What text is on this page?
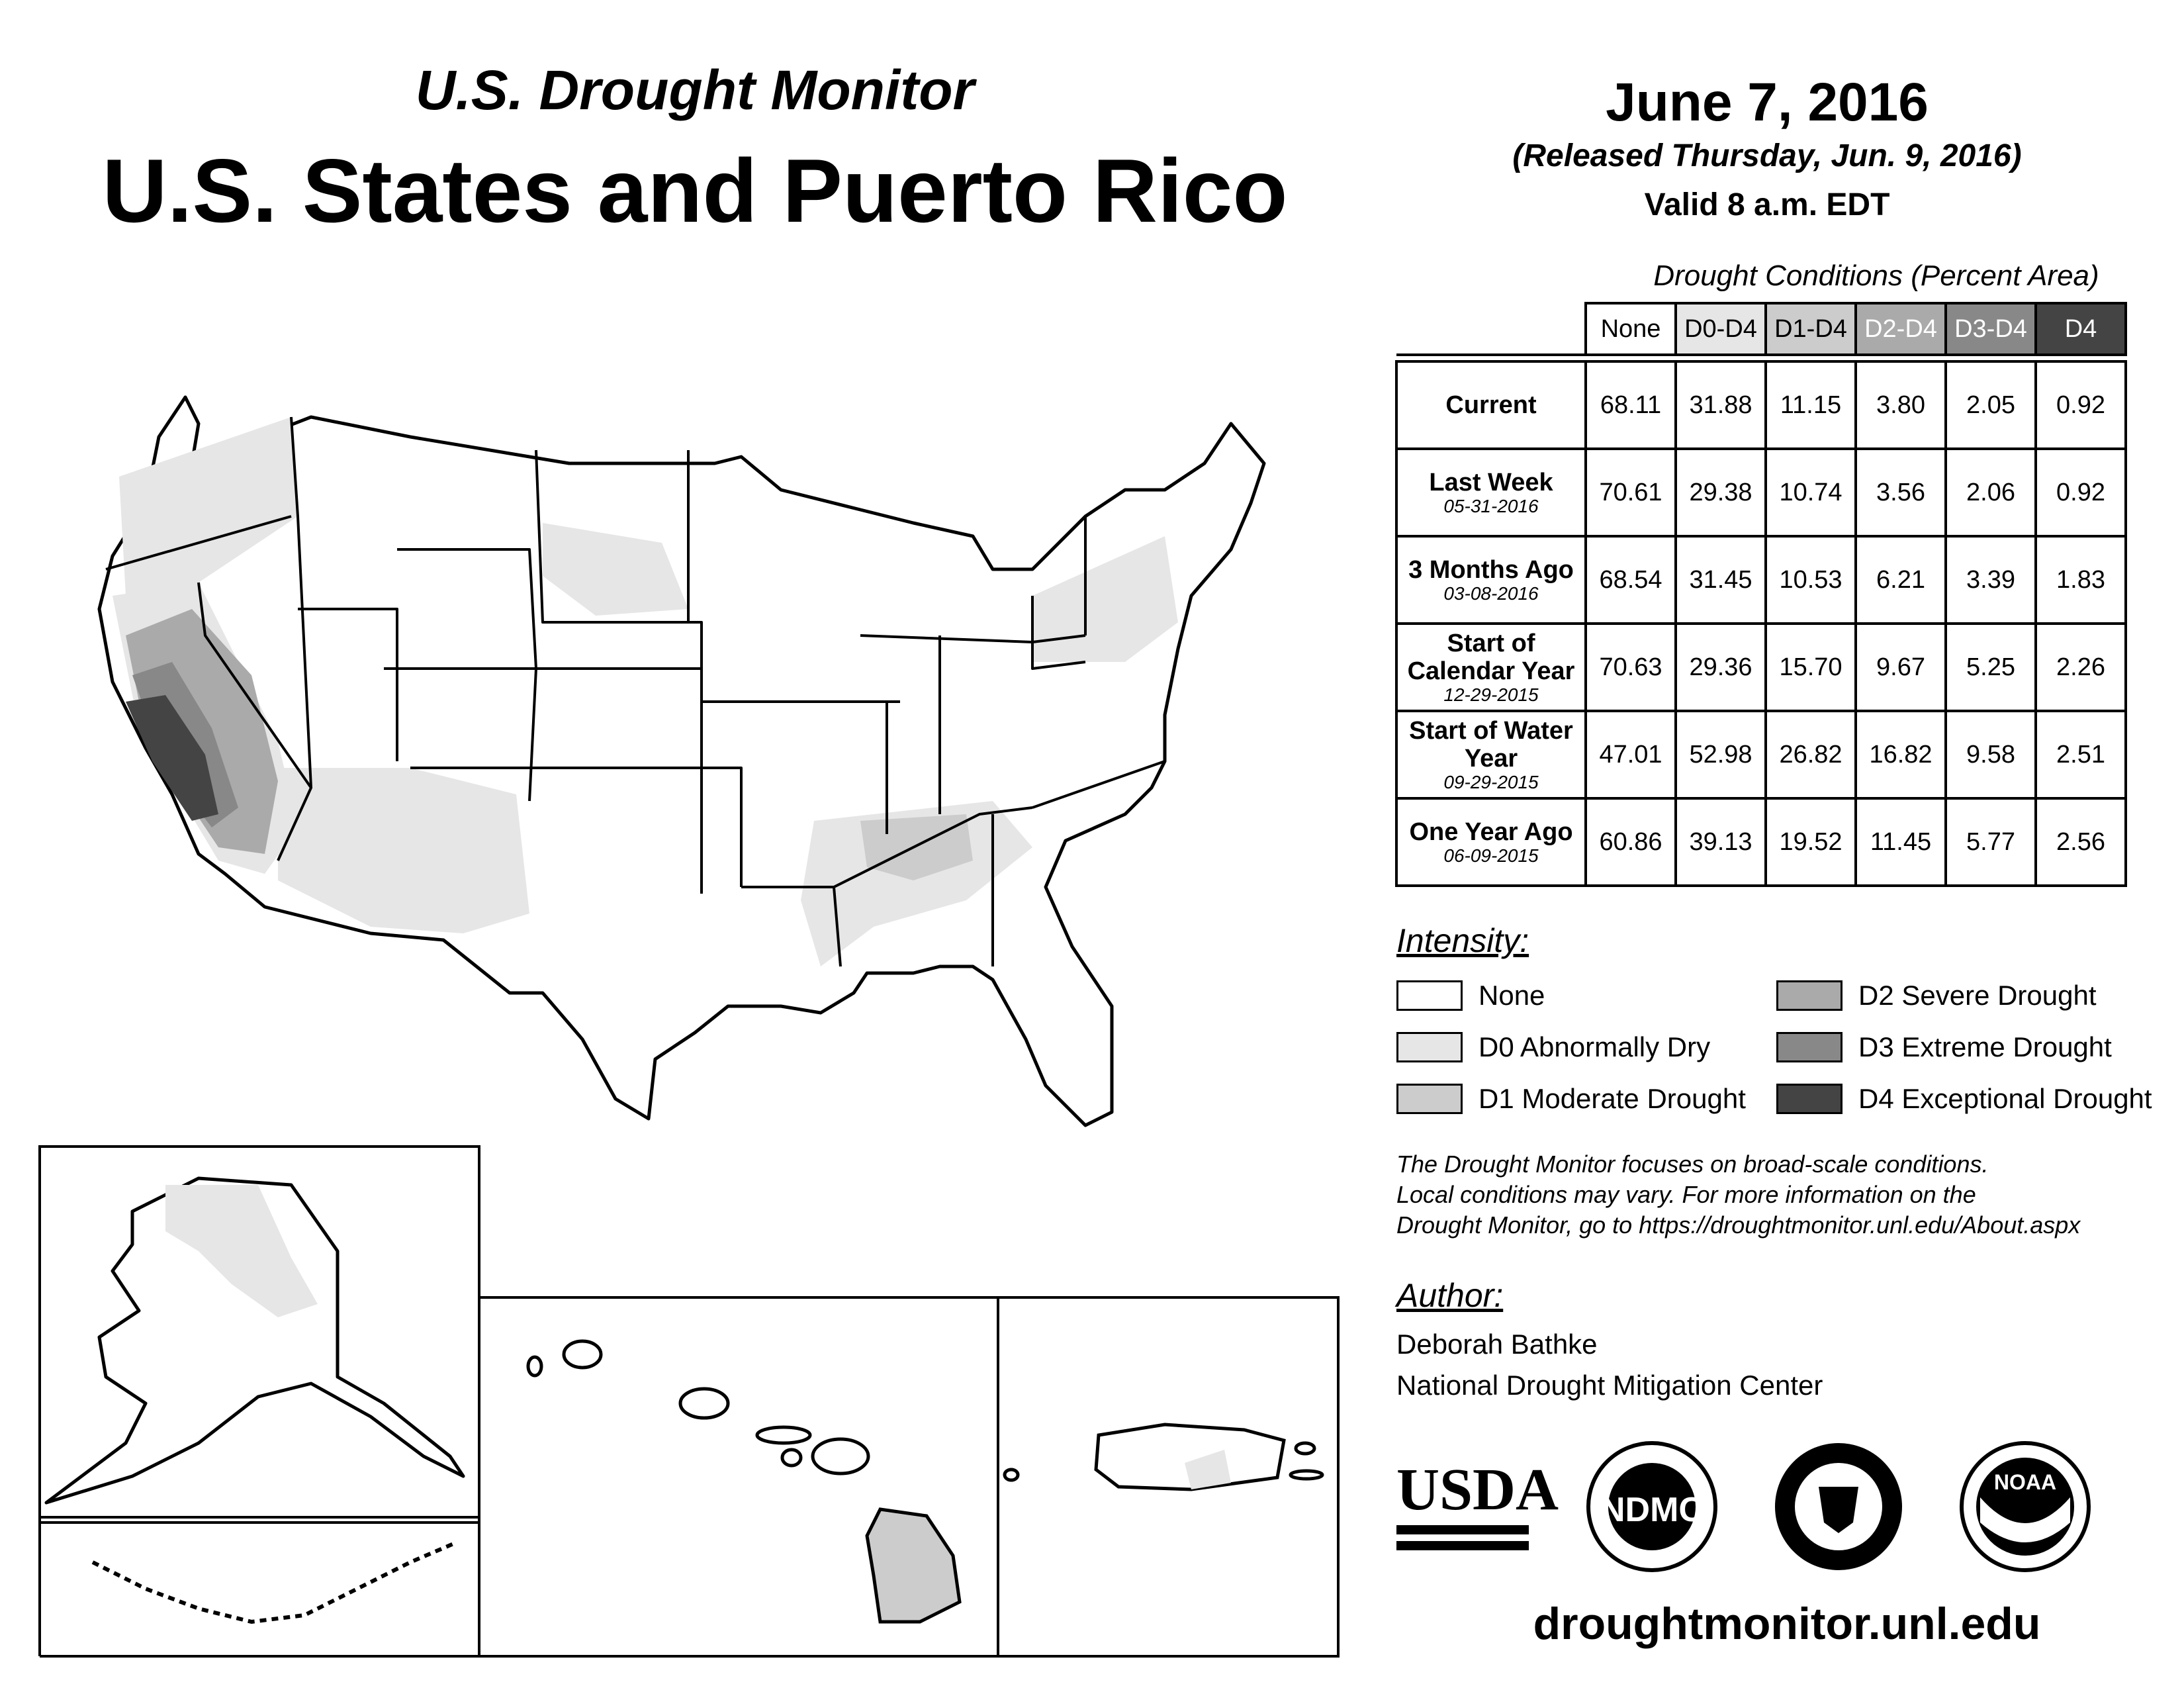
U.S. Drought Monitor
U.S. States and Puerto Rico
June 7, 2016
(Released Thursday, Jun. 9, 2016)
Valid 8 a.m. EDT
USDA NDMC
NOAA
Drought Conditions (Percent Area)
	None	D0-D4	D1-D4	D2-D4	D3-D4	D4

Current	68.11	31.88	11.15	3.80	2.05	0.92
Last Week
05-31-2016	70.61	29.38	10.74	3.56	2.06	0.92
3 Months Ago
03-08-2016	68.54	31.45	10.53	6.21	3.39	1.83
Start of Calendar Year
12-29-2015	70.63	29.36	15.70	9.67	5.25	2.26
Start of Water Year
09-29-2015	47.01	52.98	26.82	16.82	9.58	2.51
One Year Ago
06-09-2015	60.86	39.13	19.52	11.45	5.77	2.56
Intensity:
None
D0 Abnormally Dry
D1 Moderate Drought
D2 Severe Drought
D3 Extreme Drought
D4 Exceptional Drought
The Drought Monitor focuses on broad-scale conditions.
Local conditions may vary. For more information on the
Drought Monitor, go to https://droughtmonitor.unl.edu/About.aspx
Author:
Deborah Bathke
National Drought Mitigation Center
droughtmonitor.unl.edu
